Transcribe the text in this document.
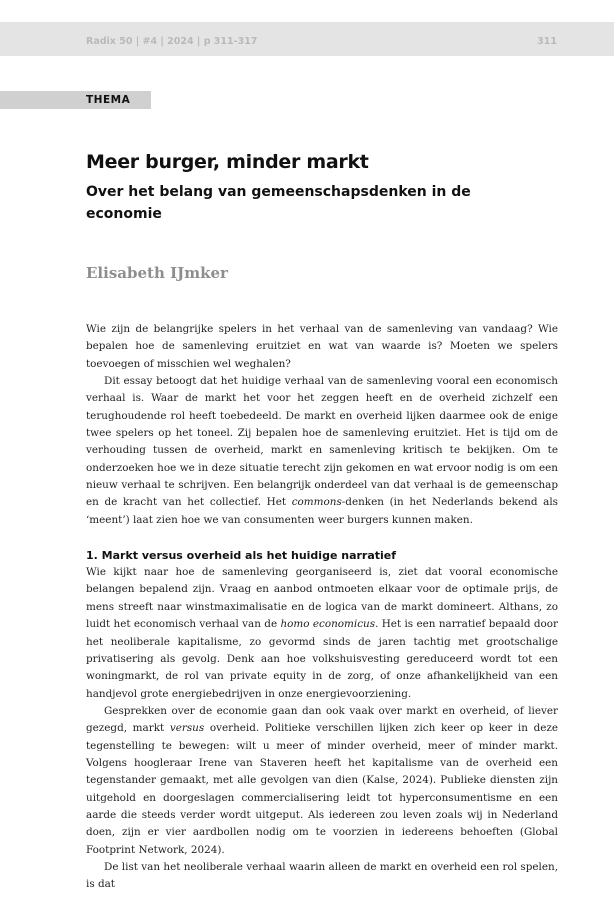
Radix 50 | #4 | 2024 | p 311-317	311
THEMA
Meer burger, minder markt
Over het belang van gemeenschapsdenken in de economie
Elisabeth IJmker

Wie zijn de belangrijke spelers in het verhaal van de samenleving van vandaag? Wie bepalen hoe de samenleving eruitziet en wat van waarde is? Moeten we spelers toevoegen of misschien wel weghalen?

Dit essay betoogt dat het huidige verhaal van de samenleving vooral een economisch verhaal is. Waar de markt het voor het zeggen heeft en de overheid zichzelf een terughoudende rol heeft toebedeeld. De markt en overheid lijken daarmee ook de enige twee spelers op het toneel. Zij bepalen hoe de samenleving eruitziet. Het is tijd om de verhouding tussen de overheid, markt en samenleving kritisch te bekijken. Om te onderzoeken hoe we in deze situatie terecht zijn gekomen en wat ervoor nodig is om een nieuw verhaal te schrijven. Een belangrijk onderdeel van dat verhaal is de gemeenschap en de kracht van het collectief. Het commons-denken (in het Nederlands bekend als ‘meent’) laat zien hoe we van consumenten weer burgers kunnen maken.

1. Markt versus overheid als het huidige narratief

Wie kijkt naar hoe de samenleving georganiseerd is, ziet dat vooral economische belangen bepalend zijn. Vraag en aanbod ontmoeten elkaar voor de optimale prijs, de mens streeft naar winstmaximalisatie en de logica van de markt domineert. Althans, zo luidt het economisch verhaal van de homo economicus. Het is een narratief bepaald door het neoliberale kapitalisme, zo gevormd sinds de jaren tachtig met grootschalige privatisering als gevolg. Denk aan hoe volkshuisvesting gereduceerd wordt tot een woningmarkt, de rol van private equity in de zorg, of onze afhankelijkheid van een handjevol grote energiebedrijven in onze energievoorziening.

Gesprekken over de economie gaan dan ook vaak over markt en overheid, of liever gezegd, markt versus overheid. Politieke verschillen lijken zich keer op keer in deze tegenstelling te bewegen: wilt u meer of minder overheid, meer of minder markt. Volgens hoogleraar Irene van Staveren heeft het kapitalisme van de overheid een tegenstander gemaakt, met alle gevolgen van dien (Kalse, 2024). Publieke diensten zijn uitgehold en doorgeslagen commercialisering leidt tot hyperconsumentisme en een aarde die steeds verder wordt uitgeput. Als iedereen zou leven zoals wij in Nederland doen, zijn er vier aardbollen nodig om te voorzien in iedereens behoeften (Global Footprint Network, 2024).

De list van het neoliberale verhaal waarin alleen de markt en overheid een rol spelen, is dat
